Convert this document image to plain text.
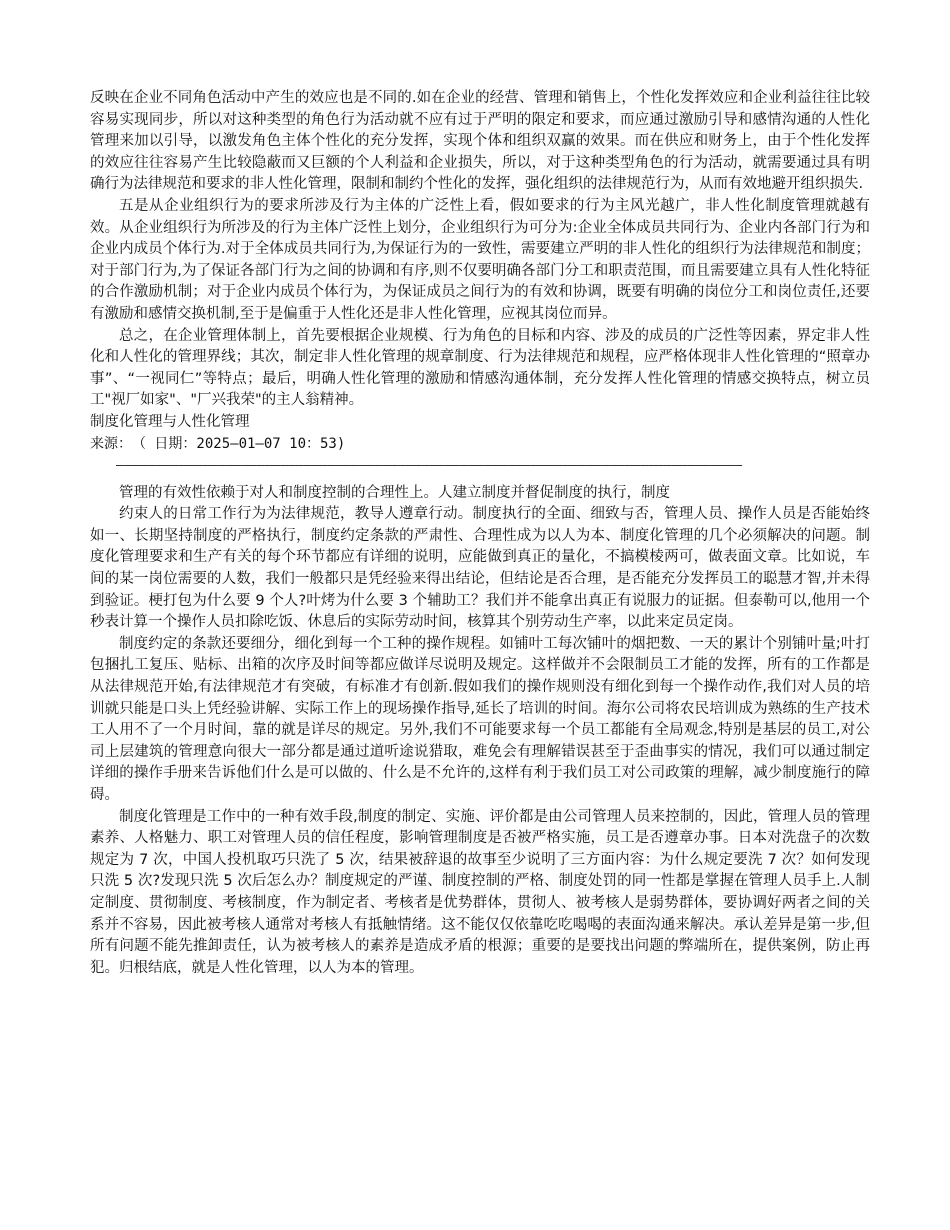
反映在企业不同角色活动中产生的效应也是不同的.如在企业的经营、管理和销售上，个性化发挥效应和企业利益往往比较容易实现同步，所以对这种类型的角色行为活动就不应有过于严明的限定和要求，而应通过激励引导和感情沟通的人性化管理来加以引导，以激发角色主体个性化的充分发挥，实现个体和组织双赢的效果。而在供应和财务上，由于个性化发挥的效应往往容易产生比较隐蔽而又巨额的个人利益和企业损失，所以，对于这种类型角色的行为活动，就需要通过具有明确行为法律规范和要求的非人性化管理，限制和制约个性化的发挥，强化组织的法律规范行为，从而有效地避开组织损失.

五是从企业组织行为的要求所涉及行为主体的广泛性上看，假如要求的行为主风光越广，非人性化制度管理就越有效。从企业组织行为所涉及的行为主体广泛性上划分，企业组织行为可分为:企业全体成员共同行为、企业内各部门行为和企业内成员个体行为.对于全体成员共同行为,为保证行为的一致性，需要建立严明的非人性化的组织行为法律规范和制度；对于部门行为,为了保证各部门行为之间的协调和有序,则不仅要明确各部门分工和职责范围，而且需要建立具有人性化特征的合作激励机制；对于企业内成员个体行为，为保证成员之间行为的有效和协调，既要有明确的岗位分工和岗位责任,还要有激励和感情交换机制,至于是偏重于人性化还是非人性化管理，应视其岗位而异。

总之，在企业管理体制上，首先要根据企业规模、行为角色的目标和内容、涉及的成员的广泛性等因素，界定非人性化和人性化的管理界线；其次，制定非人性化管理的规章制度、行为法律规范和规程，应严格体现非人性化管理的“照章办事”、“一视同仁”等特点；最后，明确人性化管理的激励和情感沟通体制，充分发挥人性化管理的情感交换特点，树立员工"视厂如家"、"厂兴我荣"的主人翁精神。

制度化管理与人性化管理

来源：　（ 日期：2025—01—07 10：53)

——–––——–––——–––——–———–——–—————–––——————–––—––––——–––——–——–——–––––———–––––——–––——

管理的有效性依赖于对人和制度控制的合理性上。人建立制度并督促制度的执行，制度

约束人的日常工作行为为法律规范，教导人遵章行动。制度执行的全面、细致与否，管理人员、操作人员是否能始终如一、长期坚持制度的严格执行，制度约定条款的严肃性、合理性成为以人为本、制度化管理的几个必须解决的问题。制度化管理要求和生产有关的每个环节都应有详细的说明，应能做到真正的量化，不搞模棱两可，做表面文章。比如说，车间的某一岗位需要的人数，我们一般都只是凭经验来得出结论，但结论是否合理，是否能充分发挥员工的聪慧才智,并未得到验证。梗打包为什么要 9 个人?叶烤为什么要 3 个辅助工？我们并不能拿出真正有说服力的证据。但泰勒可以,他用一个秒表计算一个操作人员扣除吃饭、休息后的实际劳动时间，核算其个别劳动生产率，以此来定员定岗。

制度约定的条款还要细分，细化到每一个工种的操作规程。如铺叶工每次铺叶的烟把数、一天的累计个别铺叶量;叶打包捆扎工复压、贴标、出箱的次序及时间等都应做详尽说明及规定。这样做并不会限制员工才能的发挥，所有的工作都是从法律规范开始,有法律规范才有突破，有标准才有创新.假如我们的操作规则没有细化到每一个操作动作,我们对人员的培训就只能是口头上凭经验讲解、实际工作上的现场操作指导,延长了培训的时间。海尔公司将农民培训成为熟练的生产技术工人用不了一个月时间，靠的就是详尽的规定。另外,我们不可能要求每一个员工都能有全局观念,特别是基层的员工,对公司上层建筑的管理意向很大一部分都是通过道听途说猎取，难免会有理解错误甚至于歪曲事实的情况，我们可以通过制定详细的操作手册来告诉他们什么是可以做的、什么是不允许的,这样有利于我们员工对公司政策的理解，减少制度施行的障碍。

制度化管理是工作中的一种有效手段,制度的制定、实施、评价都是由公司管理人员来控制的，因此，管理人员的管理素养、人格魅力、职工对管理人员的信任程度，影响管理制度是否被严格实施，员工是否遵章办事。日本对洗盘子的次数规定为 7 次，中国人投机取巧只洗了 5 次，结果被辞退的故事至少说明了三方面内容：为什么规定要洗 7 次？如何发现只洗 5 次?发现只洗 5 次后怎么办？制度规定的严谨、制度控制的严格、制度处罚的同一性都是掌握在管理人员手上.人制定制度、贯彻制度、考核制度，作为制定者、考核者是优势群体，贯彻人、被考核人是弱势群体，要协调好两者之间的关系并不容易，因此被考核人通常对考核人有抵触情绪。这不能仅仅依靠吃吃喝喝的表面沟通来解决。承认差异是第一步,但所有问题不能先推卸责任，认为被考核人的素养是造成矛盾的根源；重要的是要找出问题的弊端所在，提供案例，防止再犯。归根结底，就是人性化管理，以人为本的管理。
